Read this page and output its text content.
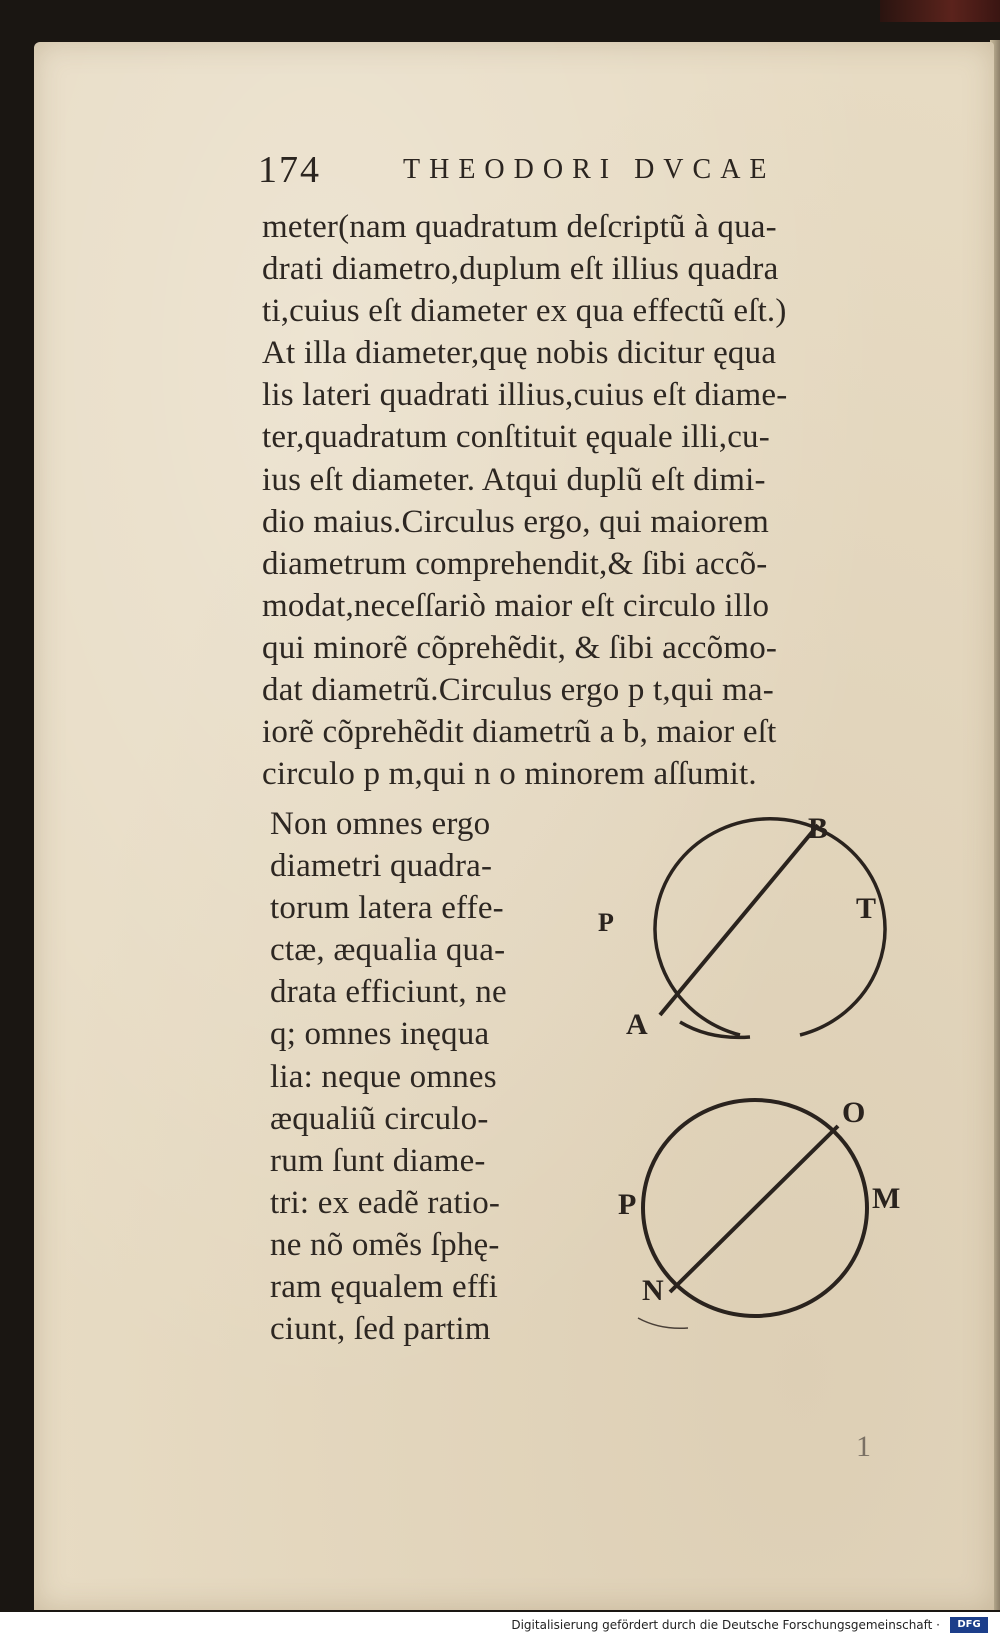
174	THEODORI DVCAE
meter(nam quadratum deſcriptũ à qua-
drati diametro,duplum eſt illius quadra
ti,cuius eſt diameter ex qua effectũ eſt.)
At illa diameter,quę nobis dicitur ęqua
lis lateri quadrati illius,cuius eſt diame-
ter,quadratum conſtituit ęquale illi,cu-
ius eſt diameter. Atqui duplũ eſt dimi-
dio maius.Circulus ergo, qui maiorem
diametrum comprehendit,& ſibi accõ-
modat,neceſſariò maior eſt circulo illo
qui minorẽ cõprehẽdit, & ſibi accõmo-
dat diametrũ.Circulus ergo p t,qui ma-
iorẽ cõprehẽdit diametrũ a b, maior eſt
circulo p m,qui n o minorem aſſumit.
Non omnes ergo
diametri quadra-
torum latera effe-
ctæ, æqualia qua-
drata efficiunt, ne
q; omnes inęqua
lia: neque omnes
æqualiũ circulo-
rum ſunt diame-
tri: ex eadẽ ratio-
ne nõ omẽs ſphę-
ram ęqualem effi
ciunt, ſed partim
B
T
P
A
O
M
P
N
1
Digitalisierung gefördert durch die Deutsche Forschungsgemeinschaft ·	DFG
